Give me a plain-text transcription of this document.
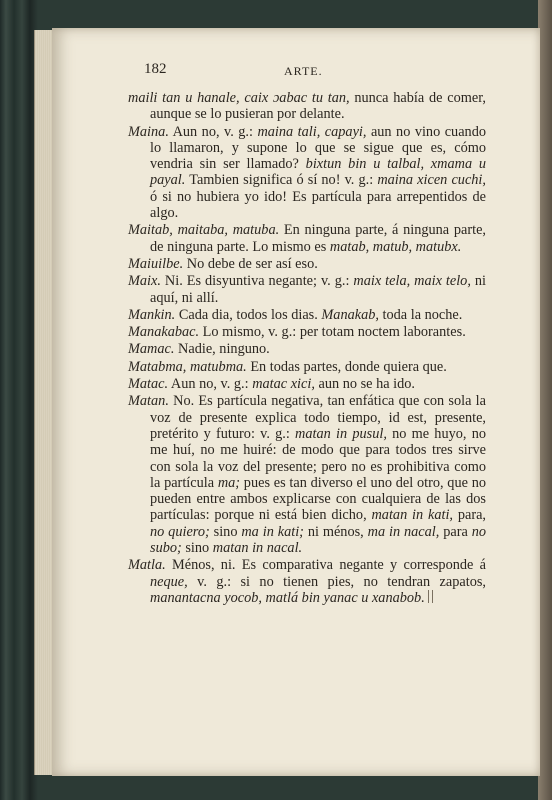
182	ARTE.

maili tan u hanale, caix ɔabac tu tan, nunca había de comer, aunque se lo pusieran por delante.

Maina. Aun no, v. g.: maina tali, capayi, aun no vino cuando lo llamaron, y supone lo que se sigue que es, cómo vendria sin ser llamado? bixtun bin u talbal, xmama u payal. Tambien significa ó sí no! v. g.: maina xicen cuchi, ó si no hubiera yo ido! Es partícula para arrepentidos de algo.

Maitab, maitaba, matuba. En ninguna parte, á ninguna parte, de ninguna parte. Lo mismo es matab, matub, matubx.

Maiuilbe. No debe de ser así eso.

Maix. Ni. Es disyuntiva negante; v. g.: maix tela, maix telo, ni aquí, ni allí.

Mankin. Cada dia, todos los dias. Manakab, toda la noche.

Manakabac. Lo mismo, v. g.: per totam noctem laborantes.

Mamac. Nadie, ninguno.

Matabma, matubma. En todas partes, donde quiera que.

Matac. Aun no, v. g.: matac xici, aun no se ha ido.

Matan. No. Es partícula negativa, tan enfática que con sola la voz de presente explica todo tiempo, id est, presente, pretérito y futuro: v. g.: matan in pusul, no me huyo, no me huí, no me huiré: de modo que para todos tres sirve con sola la voz del presente; pero no es prohibitiva como la partícula ma; pues es tan diverso el uno del otro, que no pueden entre ambos explicarse con cualquiera de las dos partículas: porque ni está bien dicho, matan in kati, para, no quiero; sino ma in kati; ni ménos, ma in nacal, para no subo; sino matan in nacal.

Matla. Ménos, ni. Es comparativa negante y corresponde á neque, v. g.: si no tienen pies, no tendran zapatos, manantacna yocob, matlá bin yanac u xanabob.
